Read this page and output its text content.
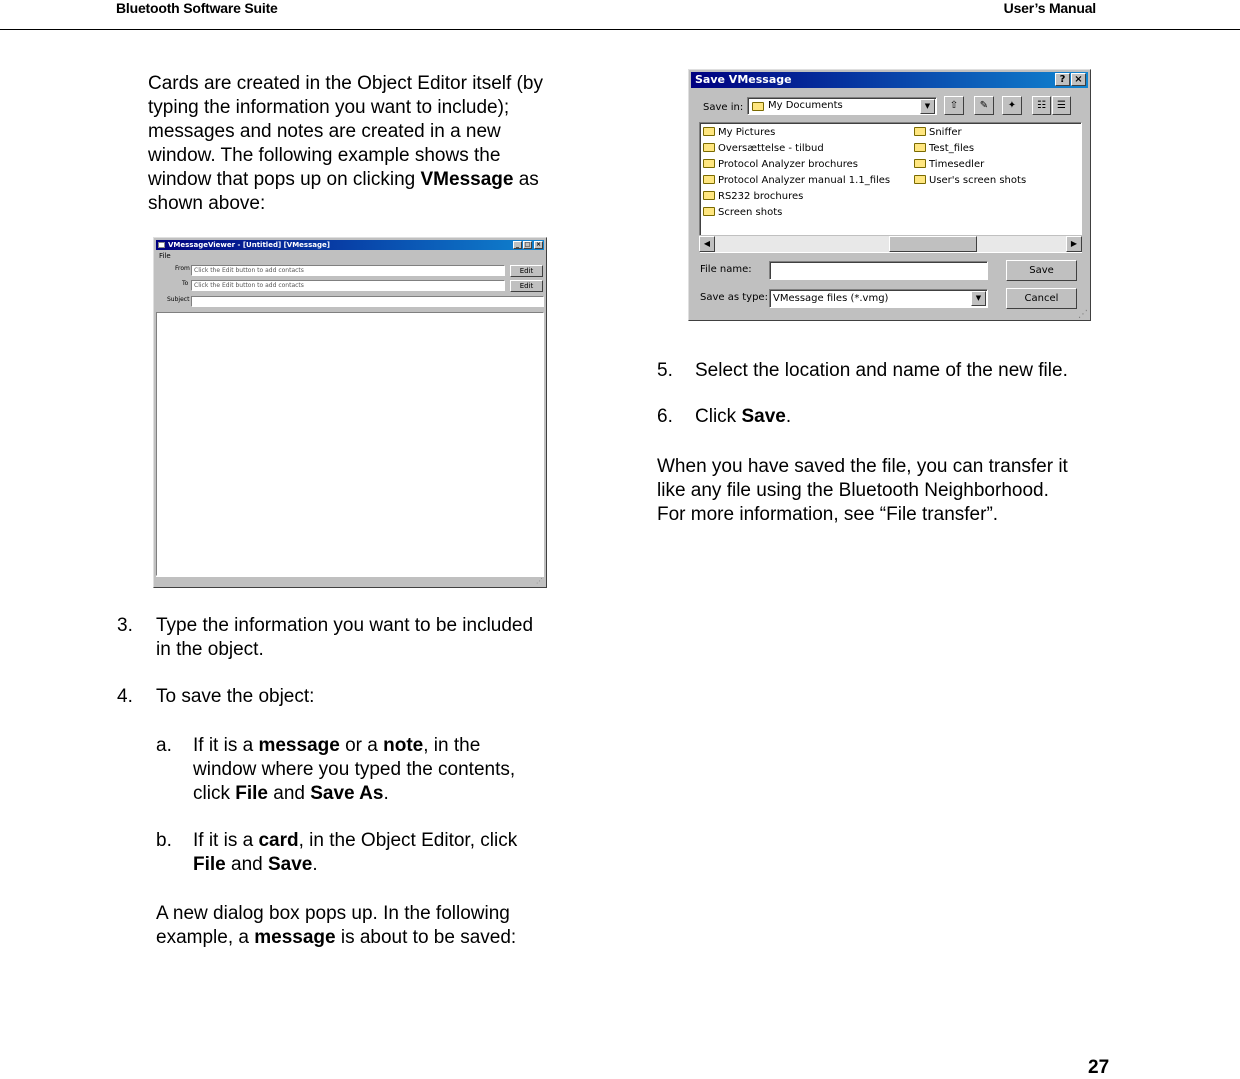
Bluetooth Software Suite	User’s Manual
Cards are created in the Object Editor itself (by
typing the information you want to include);
messages and notes are created in a new
window. The following example shows the
window that pops up on clicking VMessage as
shown above:
VMessageViewer - [Untitled] [VMessage]	_ □ ×
File
From Click the Edit button to add contacts	Edit
To Click the Edit button to add contacts	Edit
Subject
⋰
3. Type the information you want to be included
in the object.
4. To save the object:
a. If it is a message or a note, in the
window where you typed the contents,
click File and Save As.
b. If it is a card, in the Object Editor, click
File and Save.
A new dialog box pops up. In the following
example, a message is about to be saved:
Save VMessage	? ×
Save in:	My Documents	▼	⇧	✎	✦	☷	☰
My Pictures
Oversættelse - tilbud
Protocol Analyzer brochures
Protocol Analyzer manual 1.1_files
RS232 brochures
Screen shots
Sniffer
Test_files
Timesedler
User's screen shots
◀	▶
File name:	Save
Save as type: VMessage files (*.vmg)	▼	Cancel
⋰
5. Select the location and name of the new file.
6. Click Save.
When you have saved the file, you can transfer it
like any file using the Bluetooth Neighborhood.
For more information, see “File transfer”.
27
